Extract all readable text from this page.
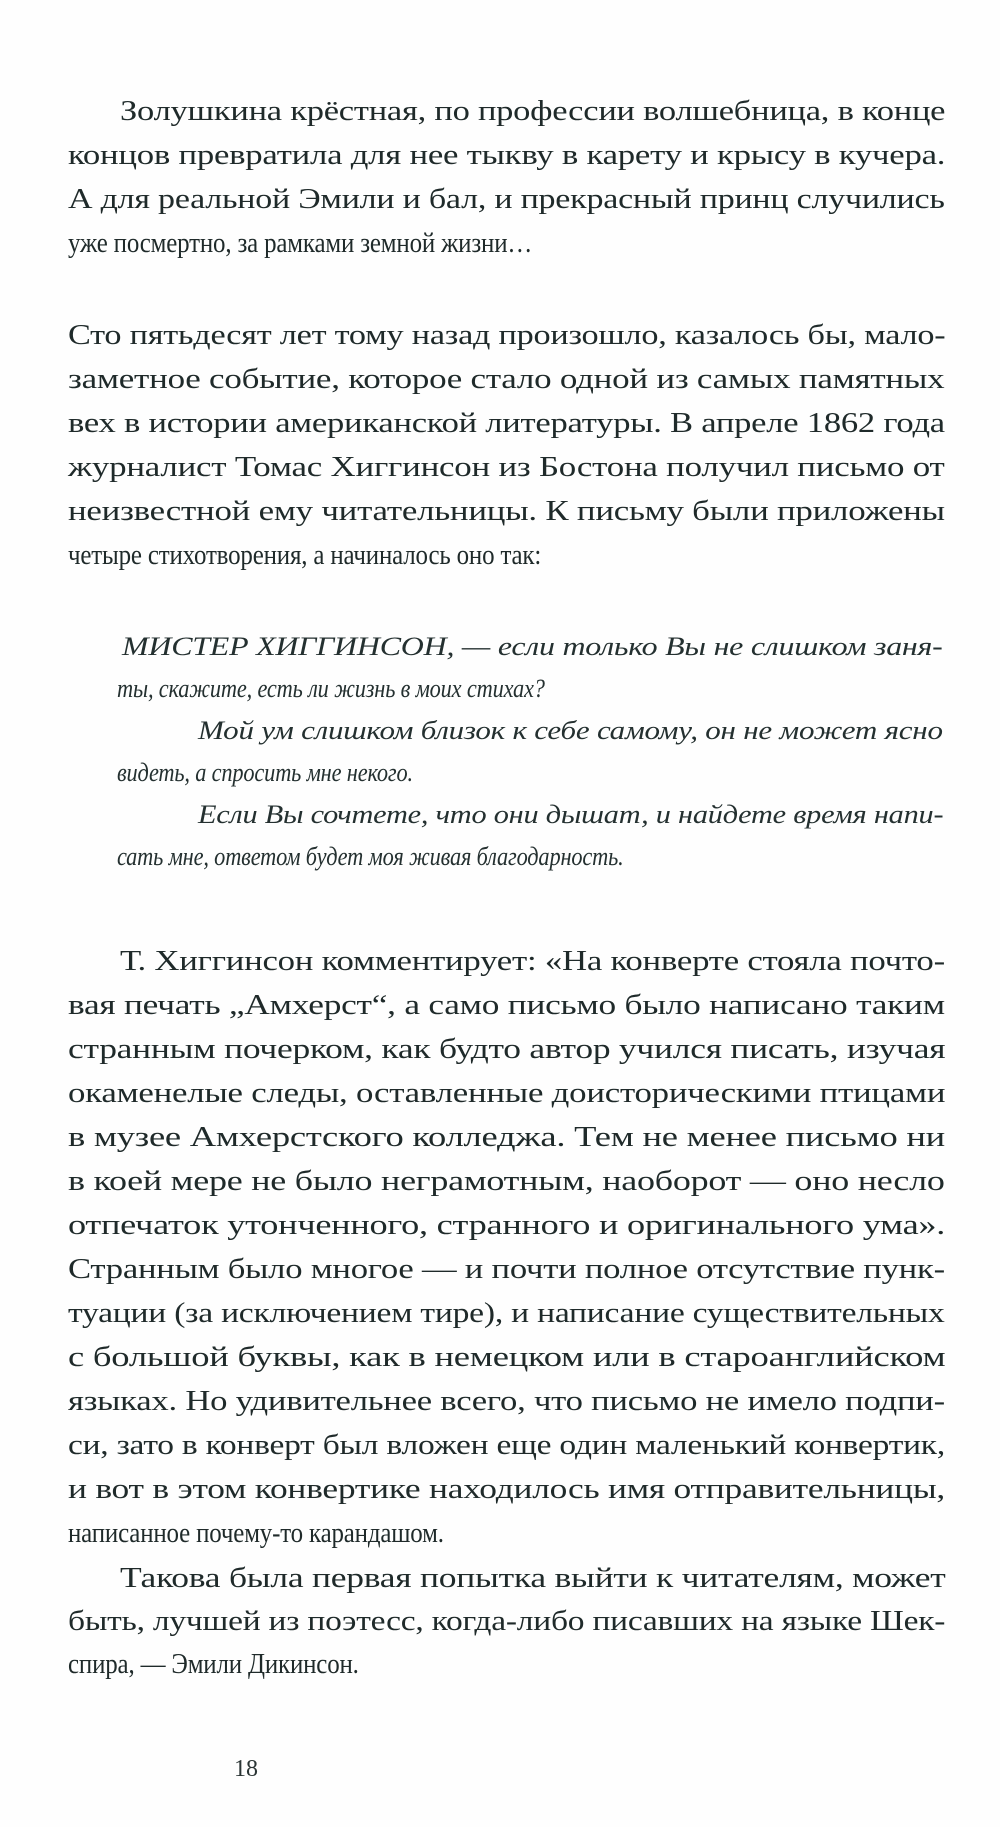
Золушкина крёстная, по профессии волшебница, в конце
концов превратила для нее тыкву в карету и крысу в кучера.
А для реальной Эмили и бал, и прекрасный принц случились
уже посмертно, за рамками земной жизни…
Сто пятьдесят лет тому назад произошло, казалось бы, мало-
заметное событие, которое стало одной из самых памятных
вех в истории американской литературы. В апреле 1862 года
журналист Томас Хиггинсон из Бостона получил письмо от
неизвестной ему читательницы. К письму были приложены
четыре стихотворения, а начиналось оно так:
МИСТЕР ХИГГИНСОН, — если только Вы не слишком заня-
ты, скажите, есть ли жизнь в моих стихах?
Мой ум слишком близок к себе самому, он не может ясно
видеть, а спросить мне некого.
Если Вы сочтете, что они дышат, и найдете время напи-
сать мне, ответом будет моя живая благодарность.
Т. Хиггинсон комментирует: «На конверте стояла почто-
вая печать „Амхерст“, а само письмо было написано таким
странным почерком, как будто автор учился писать, изучая
окаменелые следы, оставленные доисторическими птицами
в музее Амхерстского колледжа. Тем не менее письмо ни
в коей мере не было неграмотным, наоборот — оно несло
отпечаток утонченного, странного и оригинального ума».
Странным было многое — и почти полное отсутствие пунк-
туации (за исключением тире), и написание существительных
с большой буквы, как в немецком или в староанглийском
языках. Но удивительнее всего, что письмо не имело подпи-
си, зато в конверт был вложен еще один маленький конвертик,
и вот в этом конвертике находилось имя отправительницы,
написанное почему-то карандашом.
Такова была первая попытка выйти к читателям, может
быть, лучшей из поэтесс, когда-либо писавших на языке Шек-
спира, — Эмили Дикинсон.
18
